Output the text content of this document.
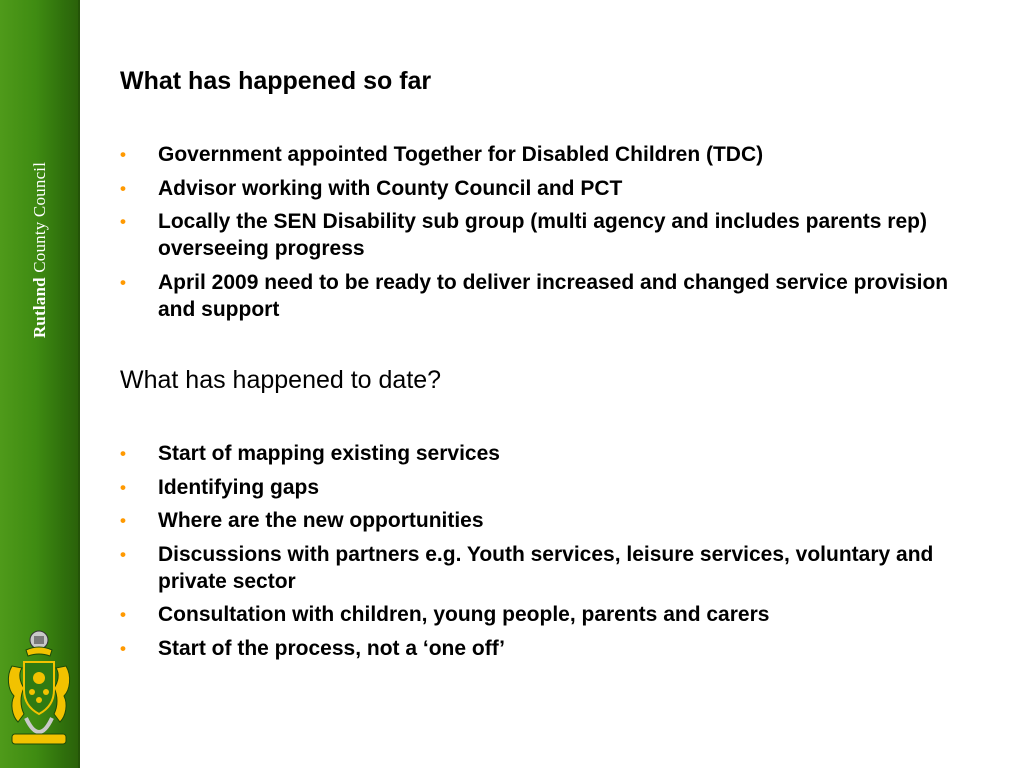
Rutland County Council
What has happened so far
• Government appointed Together for Disabled Children (TDC)
• Advisor working with County Council and PCT
• Locally the SEN Disability sub group (multi agency and includes parents rep) overseeing progress
• April 2009 need to be ready to deliver increased and changed service provision and support
What has happened to date?
• Start of mapping existing services
• Identifying gaps
• Where are the new opportunities
• Discussions with partners e.g. Youth services, leisure services, voluntary and private sector
• Consultation with children, young people, parents and carers
• Start of the process, not a ‘one off’
